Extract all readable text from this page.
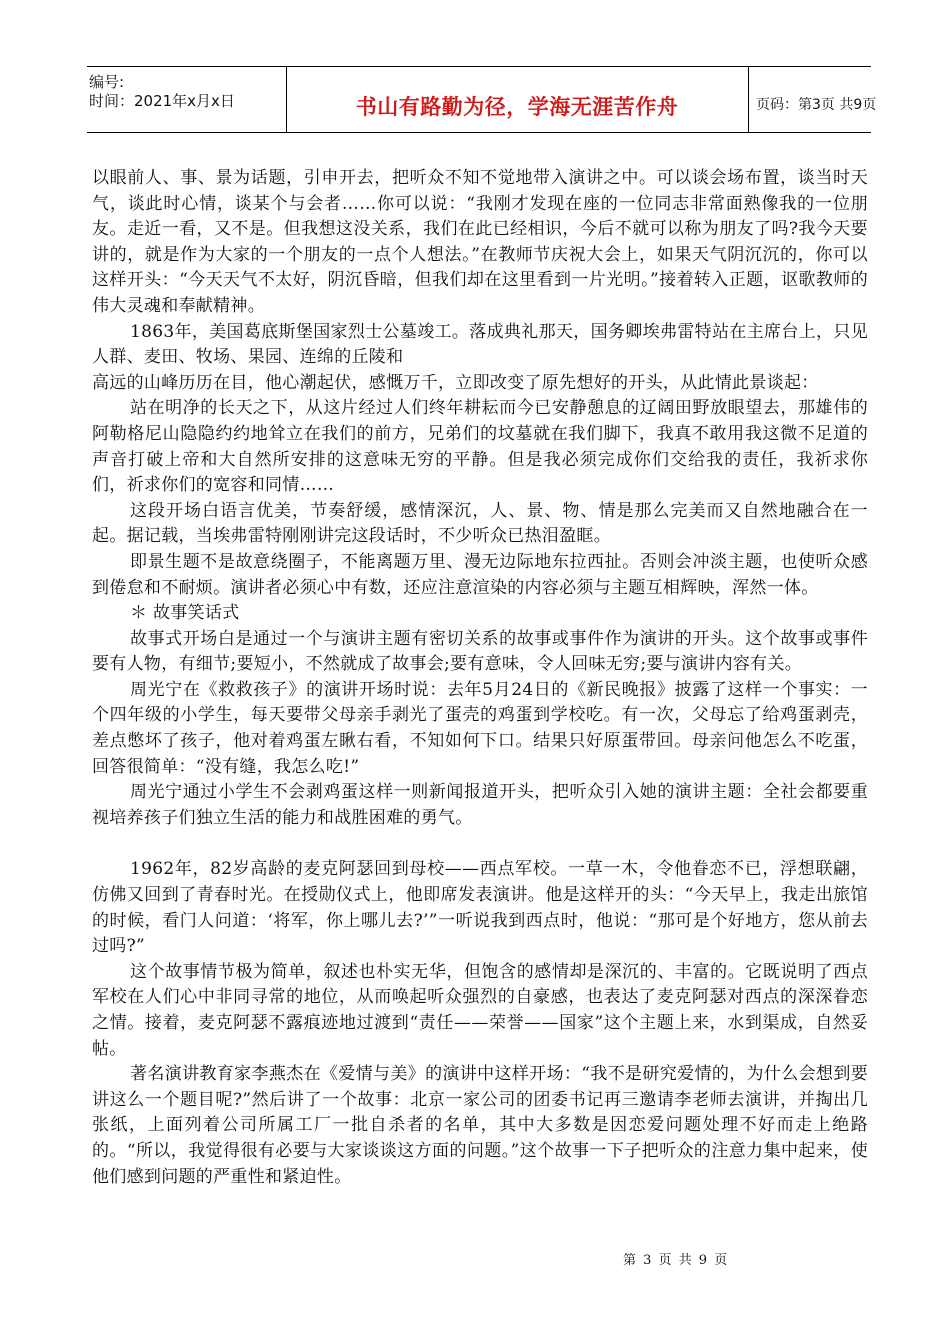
编号:
时间：2021年x月x日	书山有路勤为径，学海无涯苦作舟	页码：第3页 共9页

以眼前人、事、景为话题，引申开去，把听众不知不觉地带入演讲之中。可以谈会场布置，谈当时天气，谈此时心情，谈某个与会者……你可以说：“我刚才发现在座的一位同志非常面熟像我的一位朋友。走近一看，又不是。但我想这没关系，我们在此已经相识，今后不就可以称为朋友了吗?我今天要讲的，就是作为大家的一个朋友的一点个人想法。”在教师节庆祝大会上，如果天气阴沉沉的，你可以这样开头：“今天天气不太好，阴沉昏暗，但我们却在这里看到一片光明。”接着转入正题，讴歌教师的伟大灵魂和奉献精神。

1863年，美国葛底斯堡国家烈士公墓竣工。落成典礼那天，国务卿埃弗雷特站在主席台上，只见人群、麦田、牧场、果园、连绵的丘陵和

高远的山峰历历在目，他心潮起伏，感慨万千，立即改变了原先想好的开头，从此情此景谈起：

站在明净的长天之下，从这片经过人们终年耕耘而今已安静憩息的辽阔田野放眼望去，那雄伟的阿勒格尼山隐隐约约地耸立在我们的前方，兄弟们的坟墓就在我们脚下，我真不敢用我这微不足道的声音打破上帝和大自然所安排的这意味无穷的平静。但是我必须完成你们交给我的责任，我祈求你们，祈求你们的宽容和同情……

这段开场白语言优美，节奏舒缓，感情深沉，人、景、物、情是那么完美而又自然地融合在一起。据记载，当埃弗雷特刚刚讲完这段话时，不少听众已热泪盈眶。

即景生题不是故意绕圈子，不能离题万里、漫无边际地东拉西扯。否则会冲淡主题，也使听众感到倦怠和不耐烦。演讲者必须心中有数，还应注意渲染的内容必须与主题互相辉映，浑然一体。

＊ 故事笑话式

故事式开场白是通过一个与演讲主题有密切关系的故事或事件作为演讲的开头。这个故事或事件要有人物，有细节;要短小，不然就成了故事会;要有意味，令人回味无穷;要与演讲内容有关。

周光宁在《救救孩子》的演讲开场时说：去年5月24日的《新民晚报》披露了这样一个事实：一个四年级的小学生，每天要带父母亲手剥光了蛋壳的鸡蛋到学校吃。有一次，父母忘了给鸡蛋剥壳，差点憋坏了孩子，他对着鸡蛋左瞅右看，不知如何下口。结果只好原蛋带回。母亲问他怎么不吃蛋，回答很简单：“没有缝，我怎么吃!”

周光宁通过小学生不会剥鸡蛋这样一则新闻报道开头，把听众引入她的演讲主题：全社会都要重视培养孩子们独立生活的能力和战胜困难的勇气。

1962年，82岁高龄的麦克阿瑟回到母校——西点军校。一草一木，令他眷恋不已，浮想联翩，仿佛又回到了青春时光。在授勋仪式上，他即席发表演讲。他是这样开的头：“今天早上，我走出旅馆的时候，看门人问道：‘将军，你上哪儿去?’”一听说我到西点时，他说：“那可是个好地方，您从前去过吗?”

这个故事情节极为简单，叙述也朴实无华，但饱含的感情却是深沉的、丰富的。它既说明了西点军校在人们心中非同寻常的地位，从而唤起听众强烈的自豪感，也表达了麦克阿瑟对西点的深深眷恋之情。接着，麦克阿瑟不露痕迹地过渡到“责任——荣誉——国家”这个主题上来，水到渠成，自然妥帖。

著名演讲教育家李燕杰在《爱情与美》的演讲中这样开场：“我不是研究爱情的，为什么会想到要讲这么一个题目呢?”然后讲了一个故事：北京一家公司的团委书记再三邀请李老师去演讲，并掏出几张纸，上面列着公司所属工厂一批自杀者的名单，其中大多数是因恋爱问题处理不好而走上绝路的。“所以，我觉得很有必要与大家谈谈这方面的问题。”这个故事一下子把听众的注意力集中起来，使他们感到问题的严重性和紧迫性。

第 3 页 共 9 页
